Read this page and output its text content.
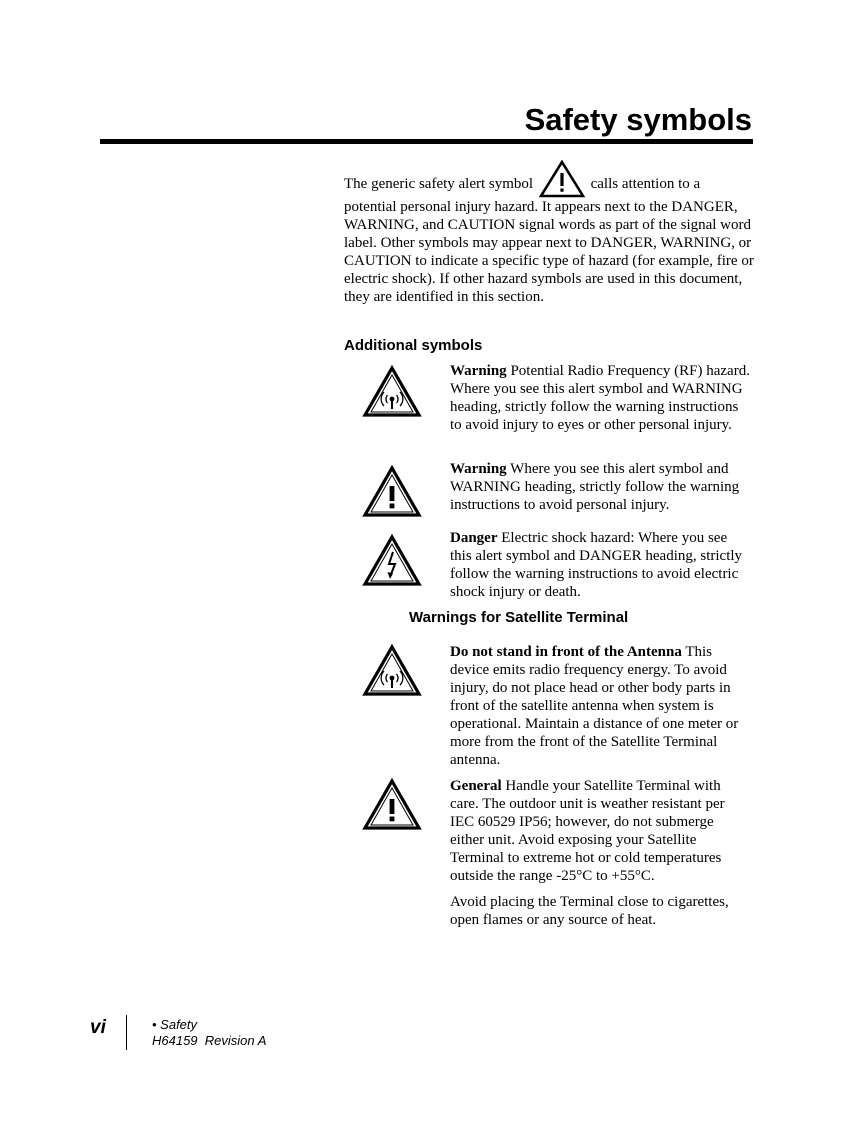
Safety symbols

The generic safety alert symbol	calls attention to a potential personal injury hazard. It appears next to the DANGER, WARNING, and CAUTION signal words as part of the signal word label. Other symbols may appear next to DANGER, WARNING, or CAUTION to indicate a specific type of hazard (for example, fire or electric shock). If other hazard symbols are used in this document, they are identified in this section.

Additional symbols

Warning Potential Radio Frequency (RF) hazard. Where you see this alert symbol and WARNING heading, strictly follow the warning instructions to avoid injury to eyes or other personal injury.

Warning Where you see this alert symbol and WARNING heading, strictly follow the warning instructions to avoid personal injury.

Danger Electric shock hazard: Where you see this alert symbol and DANGER heading, strictly follow the warning instructions to avoid electric shock injury or death.

Warnings for Satellite Terminal

Do not stand in front of the Antenna This device emits radio frequency energy. To avoid injury, do not place head or other body parts in front of the satellite antenna when system is operational. Maintain a distance of one meter or more from the front of the Satellite Terminal antenna.

General Handle your Satellite Terminal with care. The outdoor unit is weather resistant per IEC 60529 IP56; however, do not submerge either unit. Avoid exposing your Satellite Terminal to extreme hot or cold temperatures outside the range -25°C to +55°C.

Avoid placing the Terminal close to cigarettes, open flames or any source of heat.

vi	• Safety
H64159  Revision A
